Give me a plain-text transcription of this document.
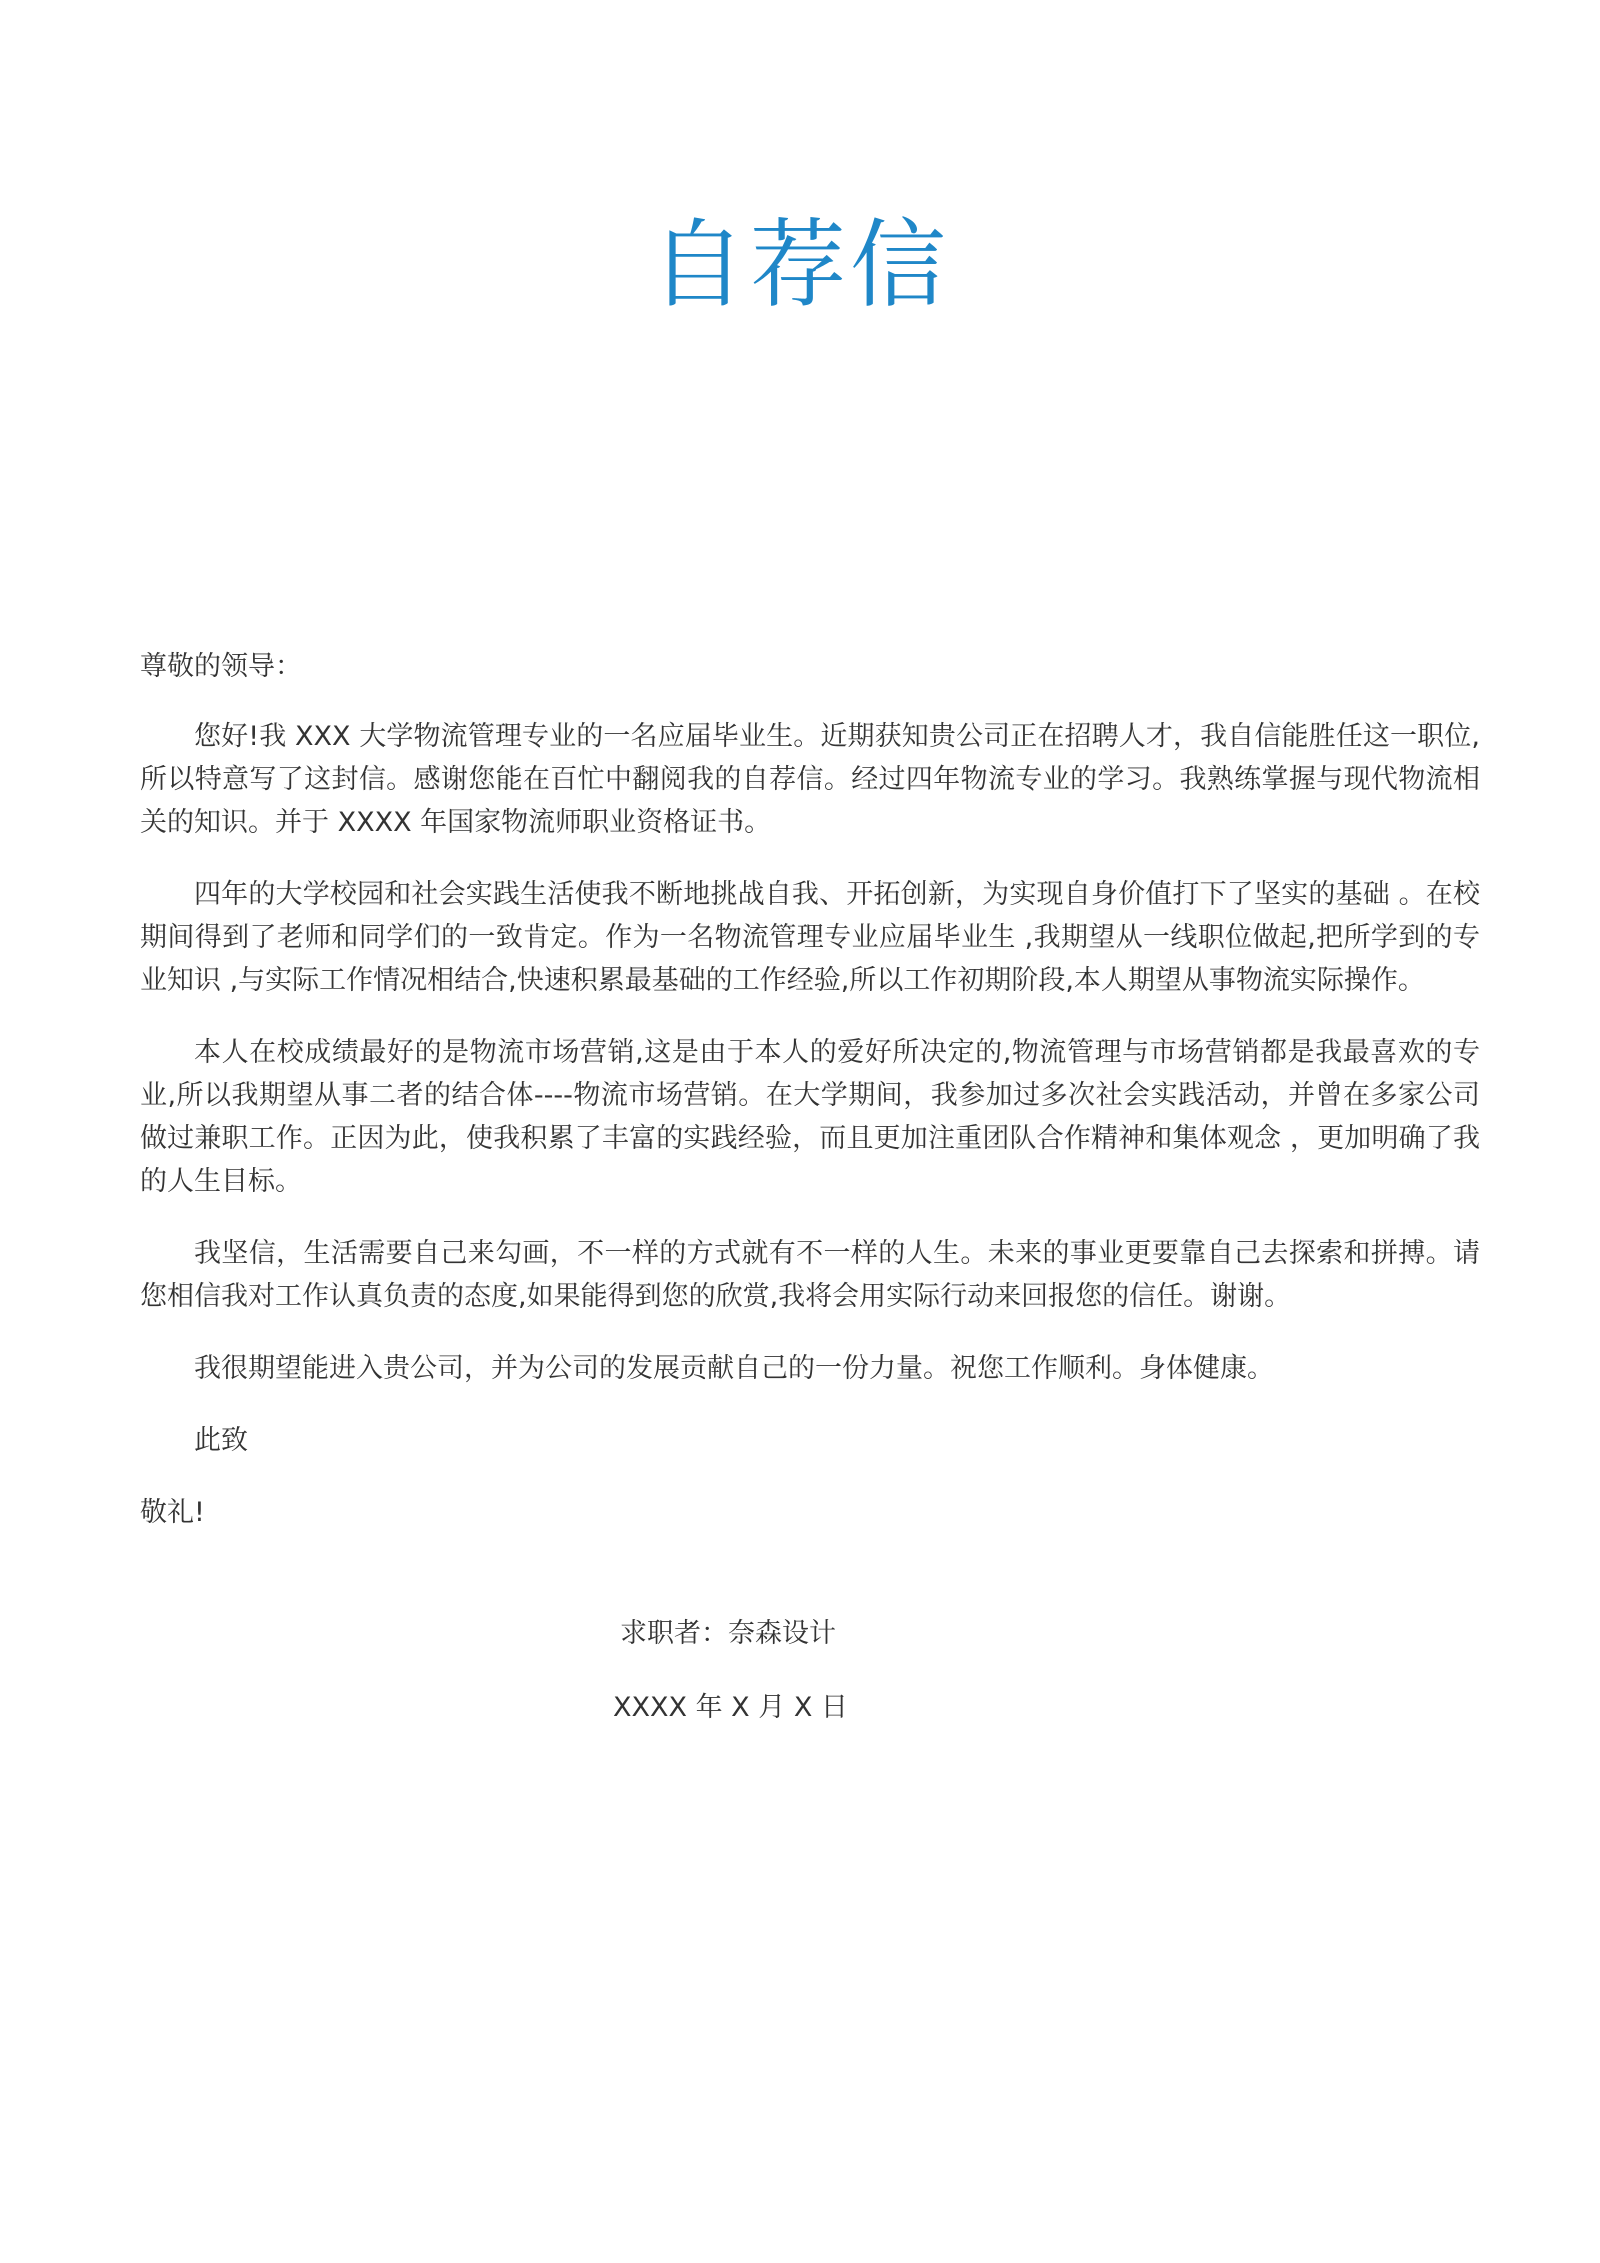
自荐信

尊敬的领导：

您好!我 XXX 大学物流管理专业的一名应届毕业生。近期获知贵公司正在招聘人才，我自信能胜任这一职位,所以特意写了这封信。感谢您能在百忙中翻阅我的自荐信。经过四年物流专业的学习。我熟练掌握与现代物流相关的知识。并于 XXXX 年国家物流师职业资格证书。

四年的大学校园和社会实践生活使我不断地挑战自我、开拓创新，为实现自身价值打下了坚实的基础 。在校期间得到了老师和同学们的一致肯定。作为一名物流管理专业应届毕业生 ,我期望从一线职位做起,把所学到的专业知识 ,与实际工作情况相结合,快速积累最基础的工作经验,所以工作初期阶段,本人期望从事物流实际操作。

本人在校成绩最好的是物流市场营销,这是由于本人的爱好所决定的,物流管理与市场营销都是我最喜欢的专业,所以我期望从事二者的结合体----物流市场营销。在大学期间，我参加过多次社会实践活动，并曾在多家公司做过兼职工作。正因为此，使我积累了丰富的实践经验，而且更加注重团队合作精神和集体观念 ，更加明确了我的人生目标。

我坚信，生活需要自己来勾画，不一样的方式就有不一样的人生。未来的事业更要靠自己去探索和拼搏。请您相信我对工作认真负责的态度,如果能得到您的欣赏,我将会用实际行动来回报您的信任。谢谢。

我很期望能进入贵公司，并为公司的发展贡献自己的一份力量。祝您工作顺利。身体健康。

此致

敬礼!

求职者：奈森设计
XXXX 年 X 月 X 日
